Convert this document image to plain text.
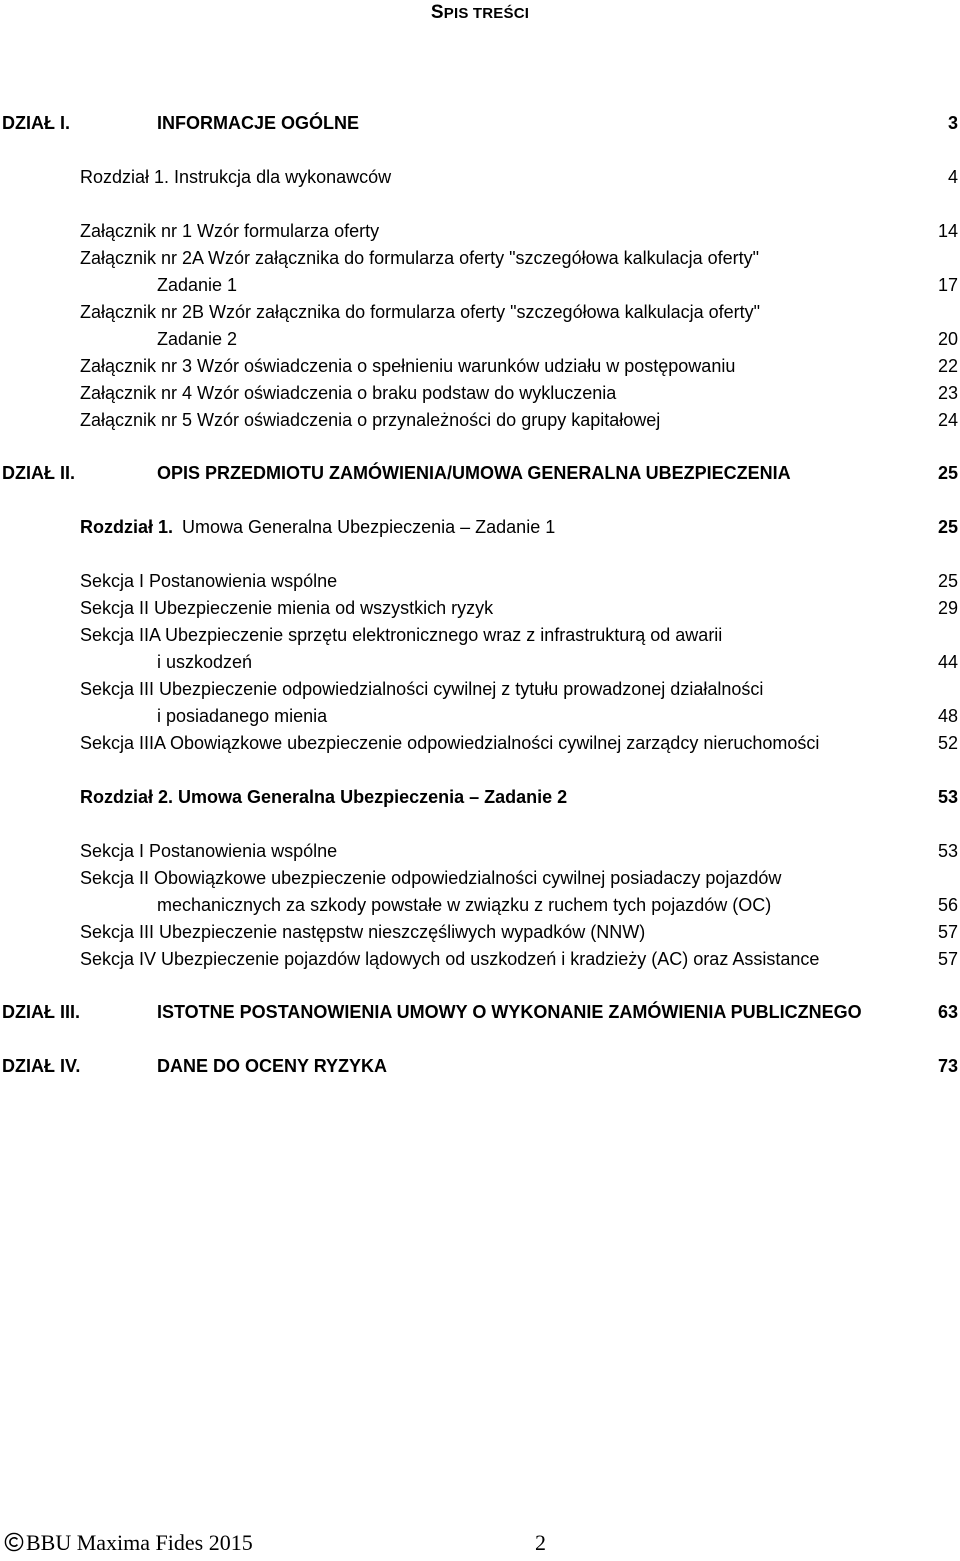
SPIS TREŚCI
DZIAŁ I.	INFORMACJE OGÓLNE	3
Rozdział 1. Instrukcja dla wykonawców	4
Załącznik nr 1 Wzór formularza oferty	14
Załącznik nr 2A Wzór załącznika do formularza oferty "szczegółowa kalkulacja oferty"
Zadanie 1	17
Załącznik nr 2B Wzór załącznika do formularza oferty "szczegółowa kalkulacja oferty"
Zadanie 2	20
Załącznik nr 3 Wzór oświadczenia o spełnieniu warunków udziału w postępowaniu	22
Załącznik nr 4 Wzór oświadczenia o braku podstaw do wykluczenia	23
Załącznik nr 5 Wzór oświadczenia o przynależności do grupy kapitałowej	24
DZIAŁ II.	OPIS PRZEDMIOTU ZAMÓWIENIA/UMOWA GENERALNA UBEZPIECZENIA	25
Rozdział 1. Umowa Generalna Ubezpieczenia – Zadanie 1	25
Sekcja I Postanowienia wspólne	25
Sekcja II Ubezpieczenie mienia od wszystkich ryzyk	29
Sekcja IIA Ubezpieczenie sprzętu elektronicznego wraz z infrastrukturą od awarii
i uszkodzeń	44
Sekcja III Ubezpieczenie odpowiedzialności cywilnej z tytułu prowadzonej działalności
i posiadanego mienia	48
Sekcja IIIA Obowiązkowe ubezpieczenie odpowiedzialności cywilnej zarządcy nieruchomości	52
Rozdział 2. Umowa Generalna Ubezpieczenia – Zadanie 2	53
Sekcja I Postanowienia wspólne	53
Sekcja II Obowiązkowe ubezpieczenie odpowiedzialności cywilnej posiadaczy pojazdów
mechanicznych za szkody powstałe w związku z ruchem tych pojazdów (OC)	56
Sekcja III Ubezpieczenie następstw nieszczęśliwych wypadków (NNW)	57
Sekcja IV Ubezpieczenie pojazdów lądowych od uszkodzeń i kradzieży (AC) oraz Assistance	57
DZIAŁ III.	ISTOTNE POSTANOWIENIA UMOWY O WYKONANIE ZAMÓWIENIA PUBLICZNEGO	63
DZIAŁ IV.	DANE DO OCENY RYZYKA	73
BBU Maxima Fides 2015	2
